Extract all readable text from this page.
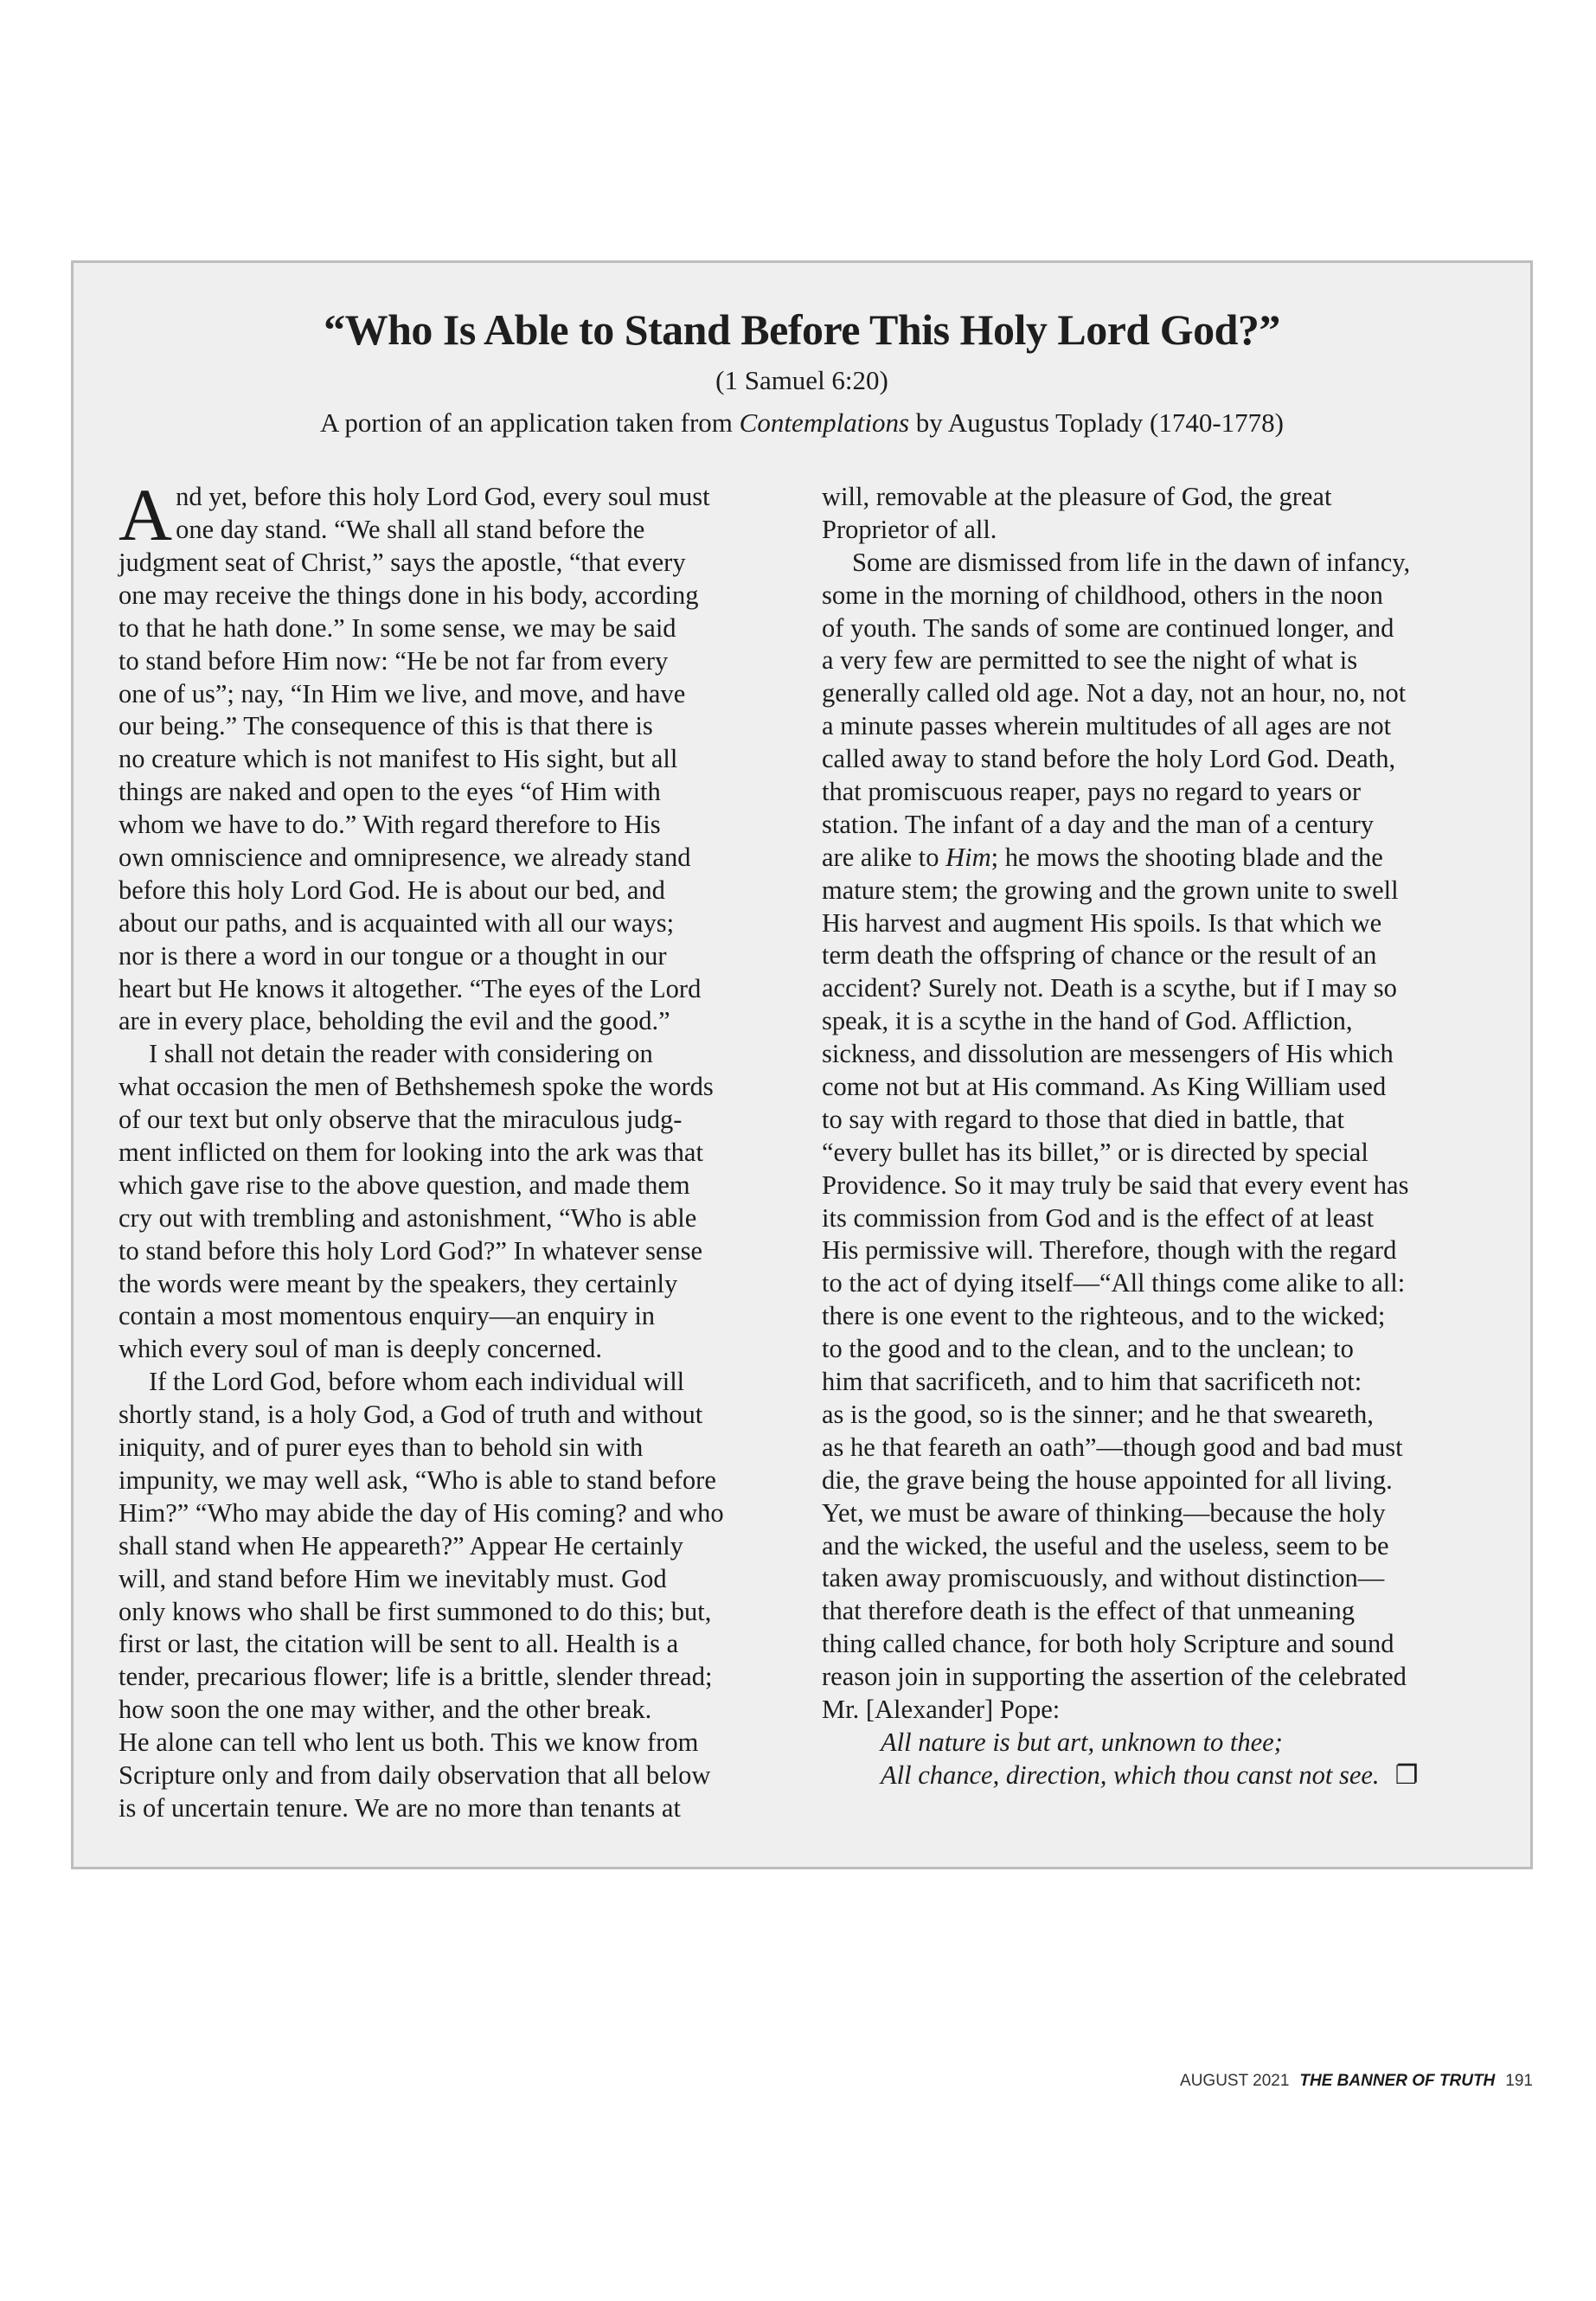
“Who Is Able to Stand Before This Holy Lord God?”

(1 Samuel 6:20)

A portion of an application taken from Contemplations by Augustus Toplady (1740-1778)

A nd yet, before this holy Lord God, every soul must
one day stand. “We shall all stand before the
judgment seat of Christ,” says the apostle, “that every
one may receive the things done in his body, according
to that he hath done.” In some sense, we may be said
to stand before Him now: “He be not far from every
one of us”; nay, “In Him we live, and move, and have
our being.” The consequence of this is that there is
no creature which is not manifest to His sight, but all
things are naked and open to the eyes “of Him with
whom we have to do.” With regard therefore to His
own omniscience and omnipresence, we already stand
before this holy Lord God. He is about our bed, and
about our paths, and is acquainted with all our ways;
nor is there a word in our tongue or a thought in our
heart but He knows it altogether. “The eyes of the Lord
are in every place, beholding the evil and the good.”
I shall not detain the reader with considering on
what occasion the men of Bethshemesh spoke the words
of our text but only observe that the miraculous judg-
ment inflicted on them for looking into the ark was that
which gave rise to the above question, and made them
cry out with trembling and astonishment, “Who is able
to stand before this holy Lord God?” In whatever sense
the words were meant by the speakers, they certainly
contain a most momentous enquiry—an enquiry in
which every soul of man is deeply concerned.
If the Lord God, before whom each individual will
shortly stand, is a holy God, a God of truth and without
iniquity, and of purer eyes than to behold sin with
impunity, we may well ask, “Who is able to stand before
Him?” “Who may abide the day of His coming? and who
shall stand when He appeareth?” Appear He certainly
will, and stand before Him we inevitably must. God
only knows who shall be first summoned to do this; but,
first or last, the citation will be sent to all. Health is a
tender, precarious flower; life is a brittle, slender thread;
how soon the one may wither, and the other break.
He alone can tell who lent us both. This we know from
Scripture only and from daily observation that all below
is of uncertain tenure. We are no more than tenants at
will, removable at the pleasure of God, the great
Proprietor of all.
Some are dismissed from life in the dawn of infancy,
some in the morning of childhood, others in the noon
of youth. The sands of some are continued longer, and
a very few are permitted to see the night of what is
generally called old age. Not a day, not an hour, no, not
a minute passes wherein multitudes of all ages are not
called away to stand before the holy Lord God. Death,
that promiscuous reaper, pays no regard to years or
station. The infant of a day and the man of a century
are alike to Him; he mows the shooting blade and the
mature stem; the growing and the grown unite to swell
His harvest and augment His spoils. Is that which we
term death the offspring of chance or the result of an
accident? Surely not. Death is a scythe, but if I may so
speak, it is a scythe in the hand of God. Affliction,
sickness, and dissolution are messengers of His which
come not but at His command. As King William used
to say with regard to those that died in battle, that
“every bullet has its billet,” or is directed by special
Providence. So it may truly be said that every event has
its commission from God and is the effect of at least
His permissive will. Therefore, though with the regard
to the act of dying itself—“All things come alike to all:
there is one event to the righteous, and to the wicked;
to the good and to the clean, and to the unclean; to
him that sacrificeth, and to him that sacrificeth not:
as is the good, so is the sinner; and he that sweareth,
as he that feareth an oath”—though good and bad must
die, the grave being the house appointed for all living.
Yet, we must be aware of thinking—because the holy
and the wicked, the useful and the useless, seem to be
taken away promiscuously, and without distinction—
that therefore death is the effect of that unmeaning
thing called chance, for both holy Scripture and sound
reason join in supporting the assertion of the celebrated
Mr. [Alexander] Pope:
All nature is but art, unknown to thee;
All chance, direction, which thou canst not see. ❐
AUGUST 2021 THE BANNER OF TRUTH 191
